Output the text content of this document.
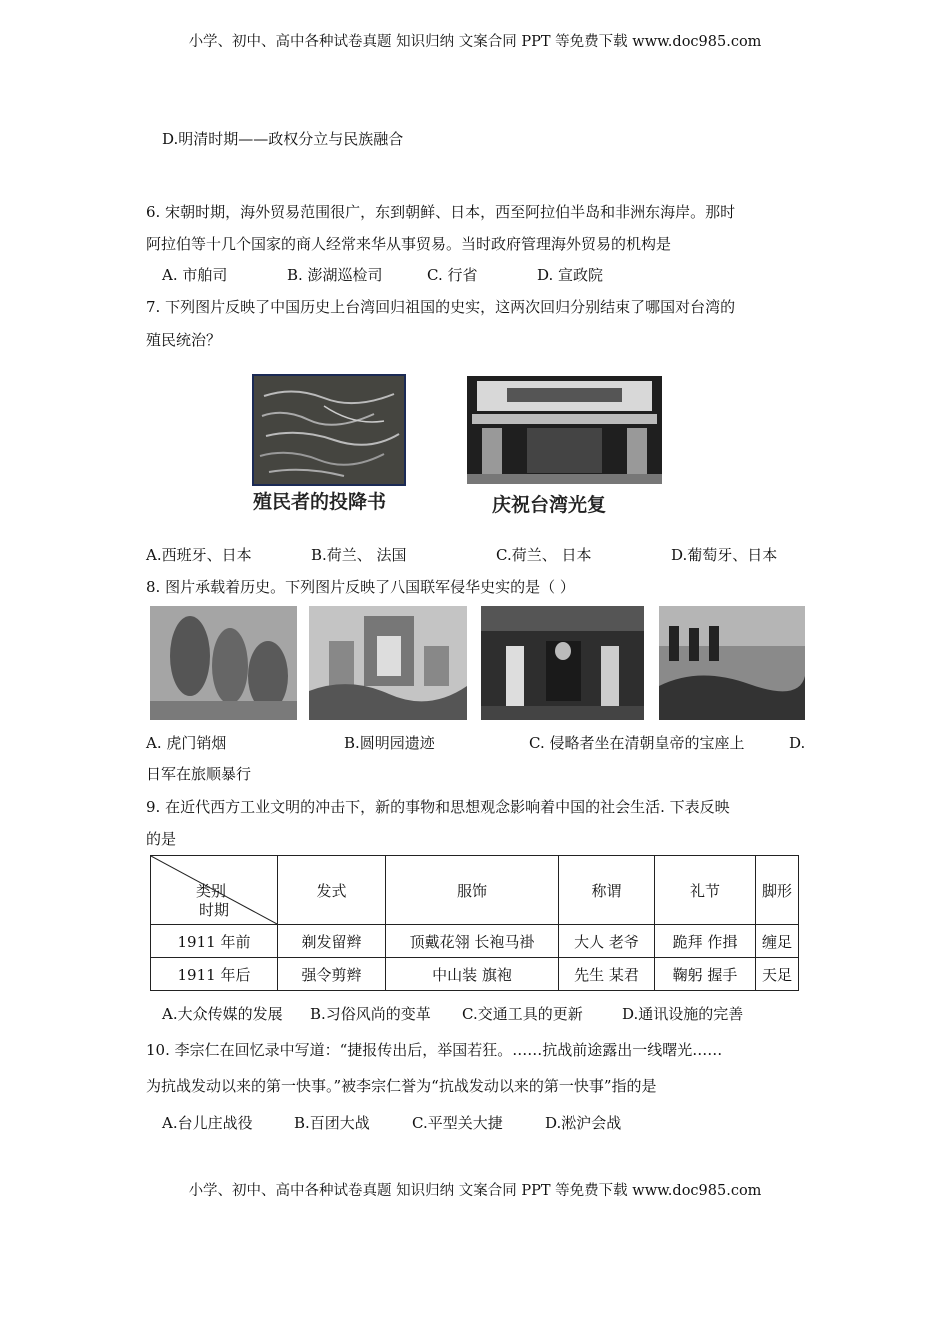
小学、初中、高中各种试卷真题 知识归纳 文案合同 PPT 等免费下载 www.doc985.com
D.明清时期——政权分立与民族融合
6. 宋朝时期，海外贸易范围很广，东到朝鲜、日本，西至阿拉伯半岛和非洲东海岸。那时
阿拉伯等十几个国家的商人经常来华从事贸易。当时政府管理海外贸易的机构是
A. 市舶司	B. 澎湖巡检司	C. 行省	D. 宣政院
7. 下列图片反映了中国历史上台湾回归祖国的史实，这两次回归分别结束了哪国对台湾的
殖民统治？
殖民者的投降书	庆祝台湾光复
A.西班牙、日本	B.荷兰、 法国	C.荷兰、 日本	D.葡萄牙、日本
8. 图片承载着历史。下列图片反映了八国联军侵华史实的是（ ）
A. 虎门销烟	B.圆明园遗迹	C. 侵略者坐在清朝皇帝的宝座上	D.
日军在旅顺暴行
9. 在近代西方工业文明的冲击下，新的事物和思想观念影响着中国的社会生活. 下表反映
的是
类别
时期	发式	服饰	称谓	礼节	脚形
1911 年前	剃发留辫	顶戴花翎 长袍马褂	大人 老爷	跪拜 作揖	缠足
1911 年后	强令剪辫	中山装 旗袍	先生 某君	鞠躬 握手	天足
A.大众传媒的发展 B.习俗风尚的变革 C.交通工具的更新	D.通讯设施的完善
10. 李宗仁在回忆录中写道：“捷报传出后，举国若狂。……抗战前途露出一线曙光……
为抗战发动以来的第一快事。”被李宗仁誉为“抗战发动以来的第一快事”指的是
A.台儿庄战役	B.百团大战	C.平型关大捷	D.淞沪会战
小学、初中、高中各种试卷真题 知识归纳 文案合同 PPT 等免费下载 www.doc985.com
